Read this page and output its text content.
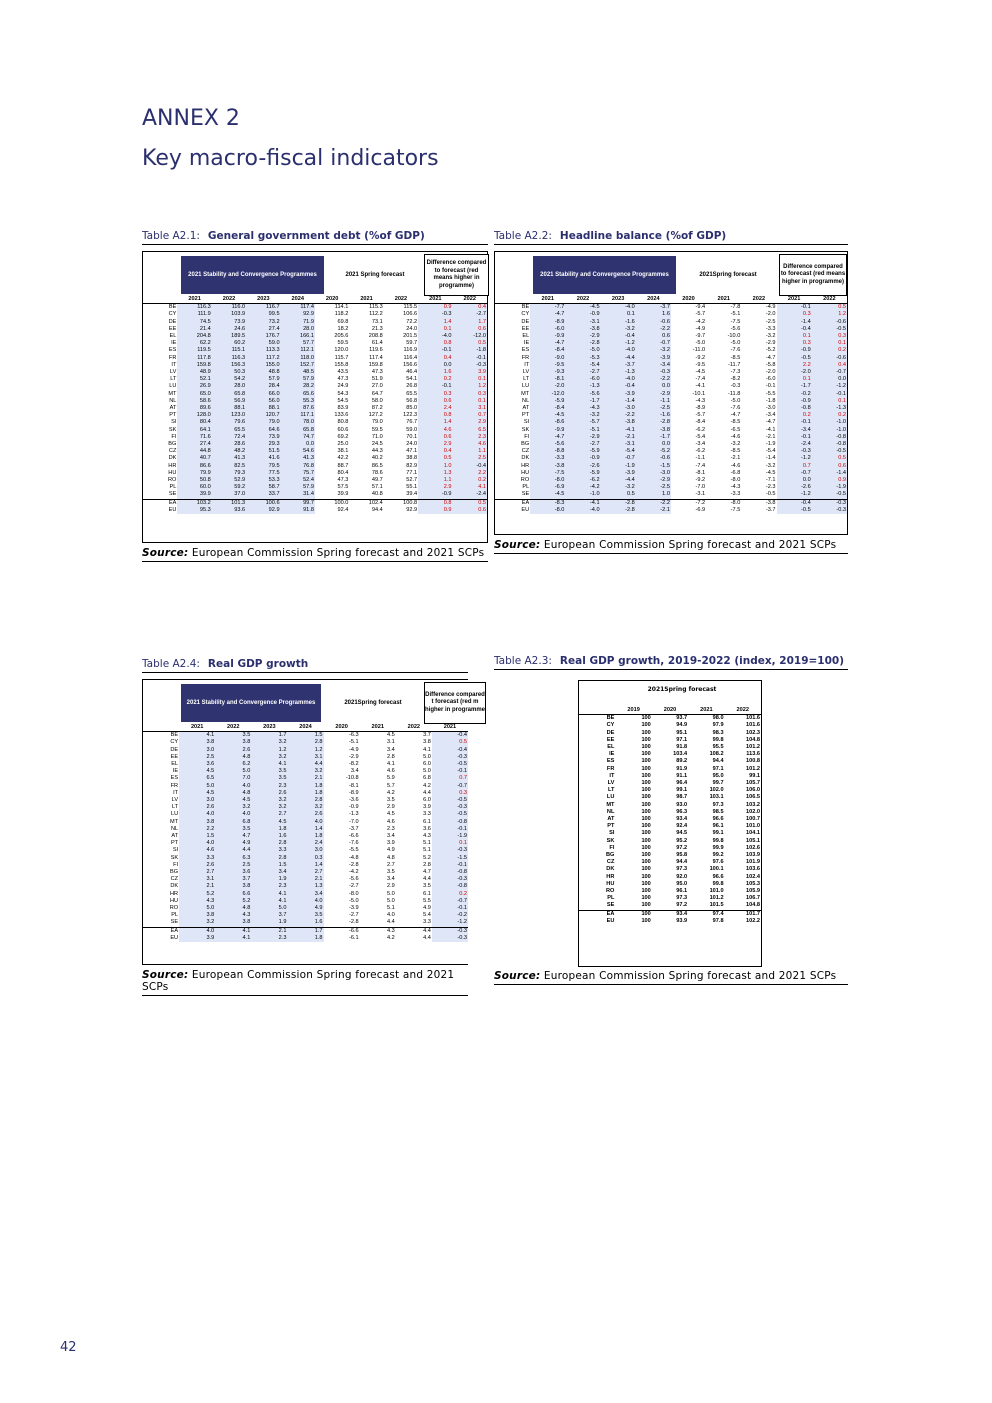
ANNEX 2
Key macro-fiscal indicators
Table A2.1: General government debt (%of GDP)
2021 Stability and Convergence Programmes	2021 Spring forecast
Difference compared to forecast (red means higher in programme)
	2021	2022	2023	2024	2020	2021	2022	2021	2022
BE	116.3	116.0	116.7	117.4	114.1	115.3	115.5	0.9	0.4
CY	111.9	103.9	99.5	92.9	118.2	112.2	106.6	-0.3	-2.7
DE	74.5	73.9	73.2	71.9	69.8	73.1	72.2	1.4	1.7
EE	21.4	24.6	27.4	28.0	18.2	21.3	24.0	0.1	0.6
EL	204.8	189.5	176.7	166.1	205.6	208.8	201.5	-4.0	-12.0
IE	62.2	60.2	59.0	57.7	59.5	61.4	59.7	0.8	0.5
ES	119.5	115.1	113.3	112.1	120.0	119.6	116.9	-0.1	-1.8
FR	117.8	116.3	117.2	118.0	115.7	117.4	116.4	0.4	-0.1
IT	159.8	156.3	155.0	152.7	155.8	159.8	156.6	0.0	-0.3
LV	48.9	50.3	48.8	48.5	43.5	47.3	46.4	1.6	3.9
LT	52.1	54.2	57.9	57.9	47.3	51.9	54.1	0.2	0.1
LU	26.9	28.0	28.4	28.2	24.9	27.0	26.8	-0.1	1.2
MT	65.0	65.8	66.0	65.6	54.3	64.7	65.5	0.3	0.3
NL	58.6	56.9	56.0	55.3	54.5	58.0	56.8	0.6	0.1
AT	89.6	88.1	88.1	87.6	83.9	87.2	85.0	2.4	3.1
PT	128.0	123.0	120.7	117.1	133.6	127.2	122.3	0.8	0.7
SI	80.4	79.6	79.0	78.0	80.8	79.0	76.7	1.4	2.9
SK	64.1	65.5	64.6	65.8	60.6	59.5	59.0	4.6	6.5
FI	71.6	72.4	73.9	74.7	69.2	71.0	70.1	0.6	2.3
BG	27.4	28.6	29.3	0.0	25.0	24.5	24.0	2.9	4.6
CZ	44.8	48.2	51.5	54.6	38.1	44.3	47.1	0.4	1.1
DK	40.7	41.3	41.6	41.3	42.2	40.2	38.8	0.5	2.5
HR	86.6	82.5	79.5	76.8	88.7	86.5	82.9	1.0	-0.4
HU	79.9	79.3	77.5	75.7	80.4	78.6	77.1	1.3	2.2
RO	50.8	52.9	53.3	52.4	47.3	49.7	52.7	1.1	0.2
PL	60.0	59.2	58.7	57.9	57.5	57.1	55.1	2.9	4.1
SE	39.9	37.0	33.7	31.4	39.9	40.8	39.4	-0.9	-2.4
EA	103.2	101.3	100.6	99.7	100.0	102.4	100.8	0.8	0.5
EU	95.3	93.6	92.9	91.8	92.4	94.4	92.9	0.9	0.6
Source: European Commission Spring forecast and 2021 SCPs
Table A2.2: Headline balance (%of GDP)
2021 Stability and Convergence Programmes	2021Spring forecast
Difference compared to forecast (red means higher in programme)
	2021	2022	2023	2024	2020	2021	2022	2021	2022
BE	-7.7	-4.5	-4.0	-3.7	-9.4	-7.8	-4.9	-0.1	0.5
CY	-4.7	-0.9	0.1	1.6	-5.7	-5.1	-2.0	0.3	1.2
DE	-8.9	-3.1	-1.6	-0.6	-4.2	-7.5	-2.5	-1.4	-0.6
EE	-6.0	-3.8	-3.2	-2.2	-4.9	-5.6	-3.3	-0.4	-0.5
EL	-9.9	-2.9	-0.4	0.6	-9.7	-10.0	-3.2	0.1	0.3
IE	-4.7	-2.8	-1.2	-0.7	-5.0	-5.0	-2.9	0.3	0.1
ES	-8.4	-5.0	-4.0	-3.2	-11.0	-7.6	-5.2	-0.9	0.2
FR	-9.0	-5.3	-4.4	-3.9	-9.2	-8.5	-4.7	-0.5	-0.6
IT	-9.5	-5.4	-3.7	-3.4	-9.5	-11.7	-5.8	2.2	0.4
LV	-9.3	-2.7	-1.3	-0.3	-4.5	-7.3	-2.0	-2.0	-0.7
LT	-8.1	-6.0	-4.0	-2.2	-7.4	-8.2	-6.0	0.1	0.0
LU	-2.0	-1.3	-0.4	0.0	-4.1	-0.3	-0.1	-1.7	-1.2
MT	-12.0	-5.6	-3.9	-2.9	-10.1	-11.8	-5.5	-0.2	-0.1
NL	-5.9	-1.7	-1.4	-1.1	-4.3	-5.0	-1.8	-0.9	0.1
AT	-8.4	-4.3	-3.0	-2.5	-8.9	-7.6	-3.0	-0.8	-1.3
PT	-4.5	-3.2	-2.2	-1.6	-5.7	-4.7	-3.4	0.2	0.2
SI	-8.6	-5.7	-3.8	-2.8	-8.4	-8.5	-4.7	-0.1	-1.0
SK	-9.9	-5.1	-4.1	-3.8	-6.2	-6.5	-4.1	-3.4	-1.0
FI	-4.7	-2.9	-2.1	-1.7	-5.4	-4.6	-2.1	-0.1	-0.8
BG	-5.6	-2.7	-3.1	0.0	-3.4	-3.2	-1.9	-2.4	-0.8
CZ	-8.8	-5.9	-5.4	-5.2	-6.2	-8.5	-5.4	-0.3	-0.5
DK	-3.3	-0.9	-0.7	-0.6	-1.1	-2.1	-1.4	-1.2	0.5
HR	-3.8	-2.6	-1.9	-1.5	-7.4	-4.6	-3.2	0.7	0.6
HU	-7.5	-5.9	-3.9	-3.0	-8.1	-6.8	-4.5	-0.7	-1.4
RO	-8.0	-6.2	-4.4	-2.9	-9.2	-8.0	-7.1	0.0	0.9
PL	-6.9	-4.2	-3.2	-2.5	-7.0	-4.3	-2.3	-2.6	-1.9
SE	-4.5	-1.0	0.5	1.0	-3.1	-3.3	-0.5	-1.2	-0.5
EA	-8.3	-4.1	-2.8	-2.2	-7.2	-8.0	-3.8	-0.4	-0.3
EU	-8.0	-4.0	-2.8	-2.1	-6.9	-7.5	-3.7	-0.5	-0.3
Source: European Commission Spring forecast and 2021 SCPs
Table A2.4: Real GDP growth
2021 Stability and Convergence Programmes	2021Spring forecast
Difference compared t forecast (red m higher in programme
	2021	2022	2023	2024	2020	2021	2022	2021
BE	4.1	3.5	1.7	1.5	-6.3	4.5	3.7	-0.4
CY	3.8	3.8	3.2	2.8	-5.1	3.1	3.8	0.5
DE	3.0	2.6	1.2	1.2	-4.9	3.4	4.1	-0.4
EE	2.5	4.8	3.2	3.1	-2.9	2.8	5.0	-0.3
EL	3.6	6.2	4.1	4.4	-8.2	4.1	6.0	-0.5
IE	4.5	5.0	3.5	3.2	3.4	4.6	5.0	-0.1
ES	6.5	7.0	3.5	2.1	-10.8	5.9	6.8	0.7
FR	5.0	4.0	2.3	1.8	-8.1	5.7	4.2	-0.7
IT	4.5	4.8	2.6	1.8	-8.9	4.2	4.4	0.3
LV	3.0	4.5	3.2	2.8	-3.6	3.5	6.0	-0.5
LT	2.6	3.2	3.2	3.2	-0.9	2.9	3.9	-0.3
LU	4.0	4.0	2.7	2.6	-1.3	4.5	3.3	-0.5
MT	3.8	6.8	4.5	4.0	-7.0	4.6	6.1	-0.8
NL	2.2	3.5	1.8	1.4	-3.7	2.3	3.6	-0.1
AT	1.5	4.7	1.6	1.8	-6.6	3.4	4.3	-1.9
PT	4.0	4.9	2.8	2.4	-7.6	3.9	5.1	0.1
SI	4.6	4.4	3.3	3.0	-5.5	4.9	5.1	-0.3
SK	3.3	6.3	2.8	0.3	-4.8	4.8	5.2	-1.5
FI	2.6	2.5	1.5	1.4	-2.8	2.7	2.8	-0.1
BG	2.7	3.6	3.4	2.7	-4.2	3.5	4.7	-0.8
CZ	3.1	3.7	1.9	2.1	-5.6	3.4	4.4	-0.3
DK	2.1	3.8	2.3	1.3	-2.7	2.9	3.5	-0.8
HR	5.2	6.6	4.1	3.4	-8.0	5.0	6.1	0.2
HU	4.3	5.2	4.1	4.0	-5.0	5.0	5.5	-0.7
RO	5.0	4.8	5.0	4.9	-3.9	5.1	4.9	-0.1
PL	3.8	4.3	3.7	3.5	-2.7	4.0	5.4	-0.2
SE	3.2	3.8	1.9	1.6	-2.8	4.4	3.3	-1.2
EA	4.0	4.1	2.1	1.7	-6.6	4.3	4.4	-0.3
EU	3.9	4.1	2.3	1.8	-6.1	4.2	4.4	-0.3
Source: European Commission Spring forecast and 2021 SCPs
Table A2.3: Real GDP growth, 2019-2022 (index, 2019=100)
2021Spring forecast
	2019	2020	2021	2022
BE	100	93.7	98.0	101.6
CY	100	94.9	97.9	101.6
DE	100	95.1	98.3	102.3
EE	100	97.1	99.8	104.8
EL	100	91.8	95.5	101.2
IE	100	103.4	108.2	113.6
ES	100	89.2	94.4	100.8
FR	100	91.9	97.1	101.2
IT	100	91.1	95.0	99.1
LV	100	96.4	99.7	105.7
LT	100	99.1	102.0	106.0
LU	100	98.7	103.1	106.5
MT	100	93.0	97.3	103.2
NL	100	96.3	98.5	102.0
AT	100	93.4	96.6	100.7
PT	100	92.4	96.1	101.0
SI	100	94.5	99.1	104.1
SK	100	95.2	99.8	105.1
FI	100	97.2	99.9	102.6
BG	100	95.8	99.2	103.9
CZ	100	94.4	97.6	101.9
DK	100	97.3	100.1	103.6
HR	100	92.0	96.6	102.4
HU	100	95.0	99.8	105.3
RO	100	96.1	101.0	105.9
PL	100	97.3	101.2	106.7
SE	100	97.2	101.5	104.8
EA	100	93.4	97.4	101.7
EU	100	93.9	97.8	102.2
Source: European Commission Spring forecast and 2021 SCPs
42
